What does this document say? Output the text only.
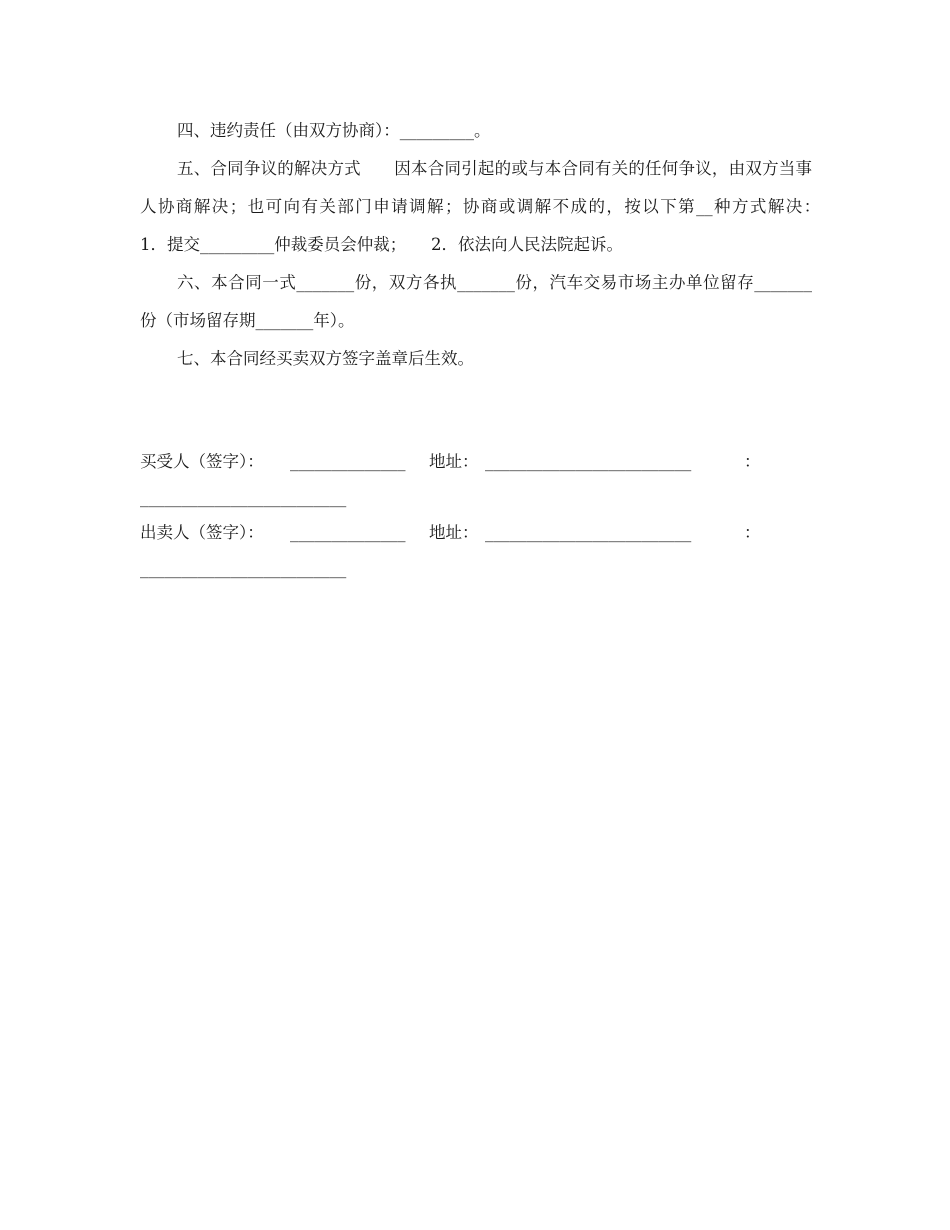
四、违约责任（由双方协商）：_________。

五、合同争议的解决方式　　因本合同引起的或与本合同有关的任何争议，由双方当事人协商解决；也可向有关部门申请调解；协商或调解不成的，按以下第__种方式解决：　　1．提交_________仲裁委员会仲裁；　　2．依法向人民法院起诉。

六、本合同一式_______份，双方各执_______份，汽车交易市场主办单位留存_______份（市场留存期_______年）。

七、本合同经买卖双方签字盖章后生效。

买受人（签字）： ______________ 地址： _________________________	：
_________________________
出卖人（签字）： ______________ 地址： _________________________	：
_________________________
